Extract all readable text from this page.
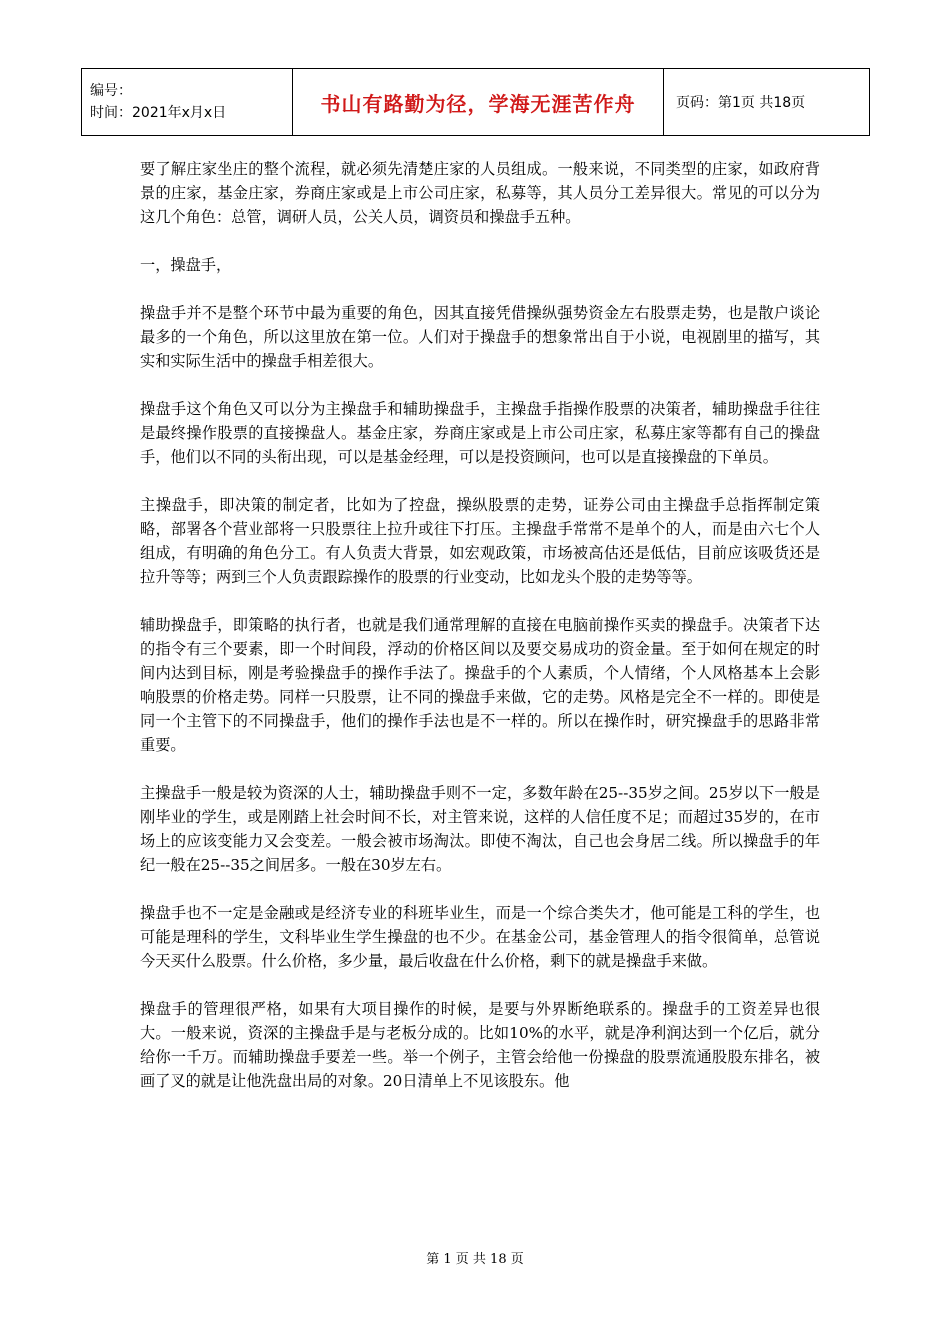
编号：
时间：2021年x月x日	书山有路勤为径，学海无涯苦作舟	页码：第1页 共18页

要了解庄家坐庄的整个流程，就必须先清楚庄家的人员组成。一般来说，不同类型的庄家，如政府背景的庄家，基金庄家，券商庄家或是上市公司庄家，私募等，其人员分工差异很大。常见的可以分为这几个角色：总管，调研人员，公关人员，调资员和操盘手五种。

一，操盘手，

操盘手并不是整个环节中最为重要的角色，因其直接凭借操纵强势资金左右股票走势，也是散户谈论最多的一个角色，所以这里放在第一位。人们对于操盘手的想象常出自于小说，电视剧里的描写，其实和实际生活中的操盘手相差很大。

操盘手这个角色又可以分为主操盘手和辅助操盘手，主操盘手指操作股票的决策者，辅助操盘手往往是最终操作股票的直接操盘人。基金庄家，券商庄家或是上市公司庄家，私募庄家等都有自己的操盘手，他们以不同的头衔出现，可以是基金经理，可以是投资顾问，也可以是直接操盘的下单员。

主操盘手，即决策的制定者，比如为了控盘，操纵股票的走势，证券公司由主操盘手总指挥制定策略，部署各个营业部将一只股票往上拉升或往下打压。主操盘手常常不是单个的人，而是由六七个人组成，有明确的角色分工。有人负责大背景，如宏观政策，市场被高估还是低估，目前应该吸货还是拉升等等；两到三个人负责跟踪操作的股票的行业变动，比如龙头个股的走势等等。

辅助操盘手，即策略的执行者，也就是我们通常理解的直接在电脑前操作买卖的操盘手。决策者下达的指令有三个要素，即一个时间段，浮动的价格区间以及要交易成功的资金量。至于如何在规定的时间内达到目标，刚是考验操盘手的操作手法了。操盘手的个人素质，个人情绪，个人风格基本上会影响股票的价格走势。同样一只股票，让不同的操盘手来做，它的走势。风格是完全不一样的。即使是同一个主管下的不同操盘手，他们的操作手法也是不一样的。所以在操作时，研究操盘手的思路非常重要。

主操盘手一般是较为资深的人士，辅助操盘手则不一定，多数年龄在25--35岁之间。25岁以下一般是刚毕业的学生，或是刚踏上社会时间不长，对主管来说，这样的人信任度不足；而超过35岁的，在市场上的应该变能力又会变差。一般会被市场淘汰。即使不淘汰，自己也会身居二线。所以操盘手的年纪一般在25--35之间居多。一般在30岁左右。

操盘手也不一定是金融或是经济专业的科班毕业生，而是一个综合类失才，他可能是工科的学生，也可能是理科的学生，文科毕业生学生操盘的也不少。在基金公司，基金管理人的指令很简单，总管说今天买什么股票。什么价格，多少量，最后收盘在什么价格，剩下的就是操盘手来做。

操盘手的管理很严格，如果有大项目操作的时候，是要与外界断绝联系的。操盘手的工资差异也很大。一般来说，资深的主操盘手是与老板分成的。比如10%的水平，就是净利润达到一个亿后，就分给你一千万。而辅助操盘手要差一些。举一个例子，主管会给他一份操盘的股票流通股股东排名，被画了叉的就是让他洗盘出局的对象。20日清单上不见该股东。他

第 1 页 共 18 页
